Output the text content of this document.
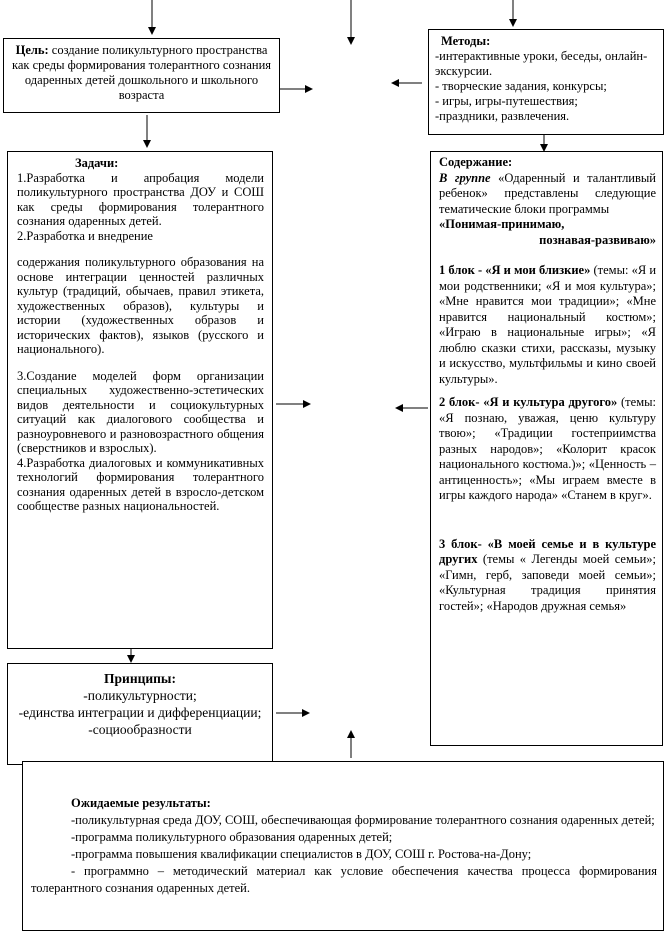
Цель: создание поликультурного пространства как среды формирования толерантного сознания одаренных детей дошкольного и школьного возраста

Методы:

-интерактивные уроки, беседы, онлайн-экскурсии.

- творческие задания, конкурсы;

- игры, игры-путешествия;

-праздники, развлечения.

Задачи:

1.Разработка и апробация модели поликультурного пространства ДОУ и СОШ как среды формирования толерантного сознания одаренных детей.

2.Разработка и внедрение

содержания поликультурного образования на основе интеграции ценностей различных культур (традиций, обычаев, правил этикета, художественных образов), культуры и истории (художественных образов и исторических фактов), языков (русского и национального).

3.Создание моделей форм организации специальных художественно-эстетических видов деятельности и социокультурных ситуаций как диалогового сообщества и разноуровневого и разновозрастного общения (сверстников и взрослых).

4.Разработка диалоговых и коммуникативных технологий формирования толерантного сознания одаренных детей в взросло-детском сообществе разных национальностей.

Содержание:

В группе «Одаренный и талантливый ребенок» представлены следующие тематические блоки программы

«Понимая-принимаю,

познавая-развиваю»

1 блок - «Я и мои близкие» (темы: «Я и мои родственники; «Я и моя культура»; «Мне нравится мои традиции»; «Мне нравится национальный костюм»; «Играю в национальные игры»; «Я люблю сказки стихи, рассказы, музыку и искусство, мультфильмы и кино своей культуры».

2 блок- «Я и культура другого» (темы: «Я познаю, уважая, ценю культуру твою»; «Традиции гостеприимства разных народов»; «Колорит красок национального костюма.)»; «Ценность – антиценность»; «Мы играем вместе в игры каждого народа» «Станем в круг».

3 блок- «В моей семье и в культуре других (темы « Легенды моей семьи»; «Гимн, герб, заповеди моей семьи»; «Культурная традиция принятия гостей»; «Народов дружная семья»

Принципы:

-поликультурности;

-единства интеграции и дифференциации;

-социообразности

Ожидаемые результаты:

-поликультурная среда ДОУ, СОШ, обеспечивающая формирование толерантного сознания одаренных детей;

-программа поликультурного образования одаренных детей;

-программа повышения квалификации специалистов в ДОУ, СОШ г. Ростова-на-Дону;

- программно – методический материал как условие обеспечения качества процесса формирования толерантного сознания одаренных детей.
